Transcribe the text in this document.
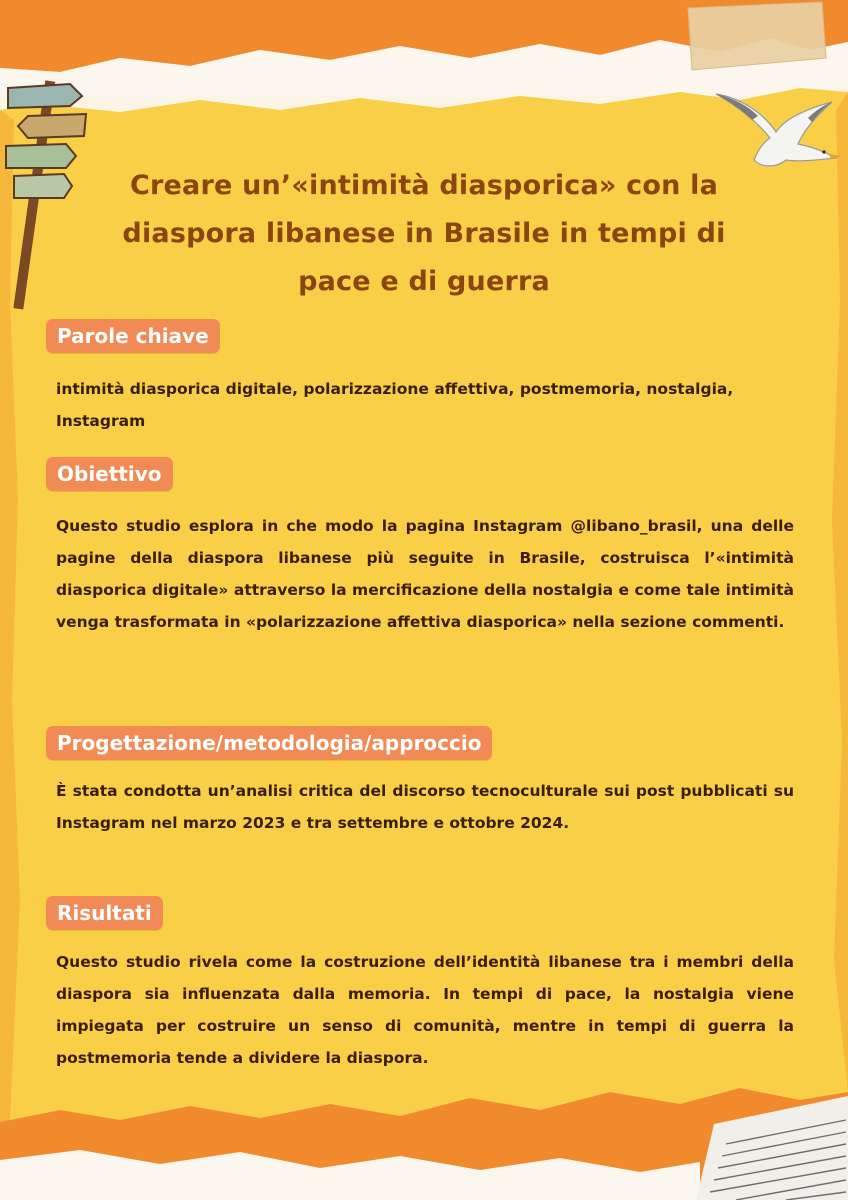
Creare un’«intimità diasporica» con la diaspora libanese in Brasile in tempi di pace e di guerra
Parole chiave

intimità diasporica digitale, polarizzazione affettiva, postmemoria, nostalgia, Instagram

Obiettivo

Questo studio esplora in che modo la pagina Instagram @libano_brasil, una delle pagine della diaspora libanese più seguite in Brasile, costruisca l’«intimità diasporica digitale» attraverso la mercificazione della nostalgia e come tale intimità venga trasformata in «polarizzazione affettiva diasporica» nella sezione commenti.

Progettazione/metodologia/approccio

È stata condotta un’analisi critica del discorso tecnoculturale sui post pubblicati su Instagram nel marzo 2023 e tra settembre e ottobre 2024.

Risultati

Questo studio rivela come la costruzione dell’identità libanese tra i membri della diaspora sia influenzata dalla memoria. In tempi di pace, la nostalgia viene impiegata per costruire un senso di comunità, mentre in tempi di guerra la postmemoria tende a dividere la diaspora.
